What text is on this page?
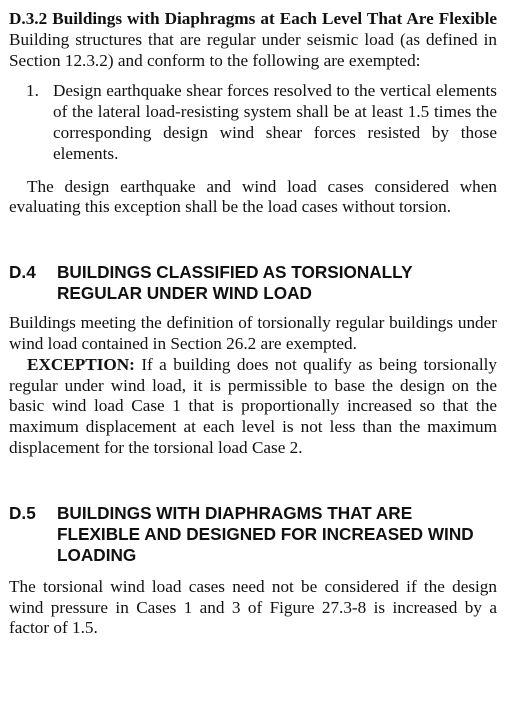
D.3.2 Buildings with Diaphragms at Each Level That Are Flexible Building structures that are regular under seismic load (as defined in Section 12.3.2) and conform to the following are exempted:

1. Design earthquake shear forces resolved to the vertical elements of the lateral load-resisting system shall be at least 1.5 times the corresponding design wind shear forces resisted by those elements.

The design earthquake and wind load cases considered when evaluating this exception shall be the load cases without torsion.

D.4	BUILDINGS CLASSIFIED AS TORSIONALLY REGULAR UNDER WIND LOAD

Buildings meeting the definition of torsionally regular buildings under wind load contained in Section 26.2 are exempted.

EXCEPTION: If a building does not qualify as being torsionally regular under wind load, it is permissible to base the design on the basic wind load Case 1 that is proportionally increased so that the maximum displacement at each level is not less than the maximum displacement for the torsional load Case 2.

D.5	BUILDINGS WITH DIAPHRAGMS THAT ARE FLEXIBLE AND DESIGNED FOR INCREASED WIND LOADING

The torsional wind load cases need not be considered if the design wind pressure in Cases 1 and 3 of Figure 27.3-8 is increased by a factor of 1.5.
